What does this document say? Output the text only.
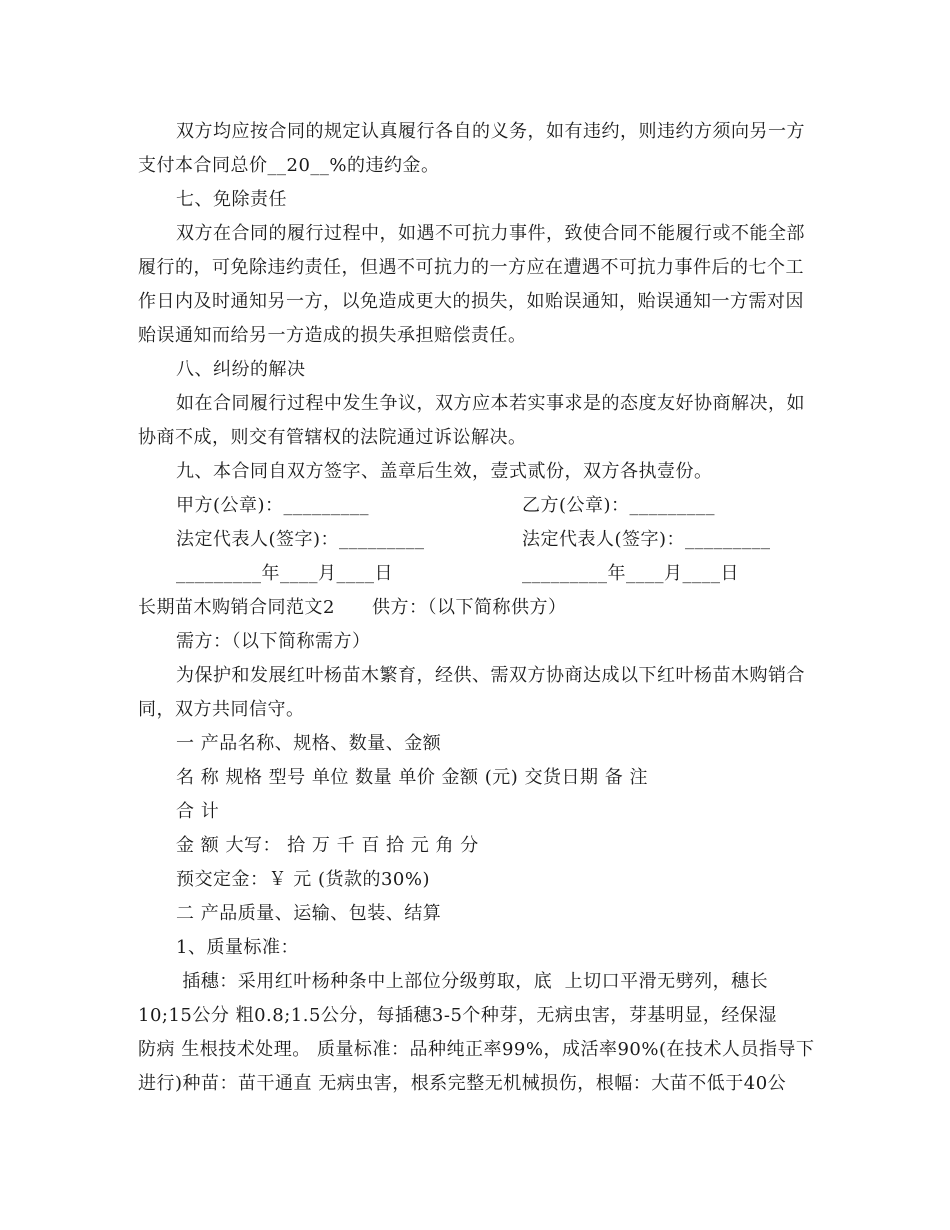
双方均应按合同的规定认真履行各自的义务，如有违约，则违约方须向另一方
支付本合同总价__20__%的违约金。
七、免除责任
双方在合同的履行过程中，如遇不可抗力事件，致使合同不能履行或不能全部
履行的，可免除违约责任，但遇不可抗力的一方应在遭遇不可抗力事件后的七个工
作日内及时通知另一方，以免造成更大的损失，如贻误通知，贻误通知一方需对因
贻误通知而给另一方造成的损失承担赔偿责任。
八、纠纷的解决
如在合同履行过程中发生争议，双方应本若实事求是的态度友好协商解决，如
协商不成，则交有管辖权的法院通过诉讼解决。
九、本合同自双方签字、盖章后生效，壹式贰份，双方各执壹份。
甲方(公章)：_________	乙方(公章)：_________
法定代表人(签字)：_________	法定代表人(签字)：_________
_________年____月____日	_________年____月____日
长期苗木购销合同范文2　　供方：（以下简称供方）
需方：（以下简称需方）
为保护和发展红叶杨苗木繁育，经供、需双方协商达成以下红叶杨苗木购销合
同，双方共同信守。
一 产品名称、规格、数量、金额
名 称 规格 型号 单位 数量 单价 金额 (元) 交货日期 备 注
合 计
金 额 大写： 拾 万 千 百 拾 元 角 分
预交定金：￥ 元 (货款的30%)
二 产品质量、运输、包装、结算
1、质量标准：
插穗：采用红叶杨种条中上部位分级剪取，底  上切口平滑无劈列，穗长
10;15公分 粗0.8;1.5公分，每插穗3-5个种芽，无病虫害，芽基明显，经保湿
防病 生根技术处理。 质量标准：品种纯正率99%，成活率90%(在技术人员指导下
进行)种苗：苗干通直 无病虫害，根系完整无机械损伤，根幅：大苗不低于40公
